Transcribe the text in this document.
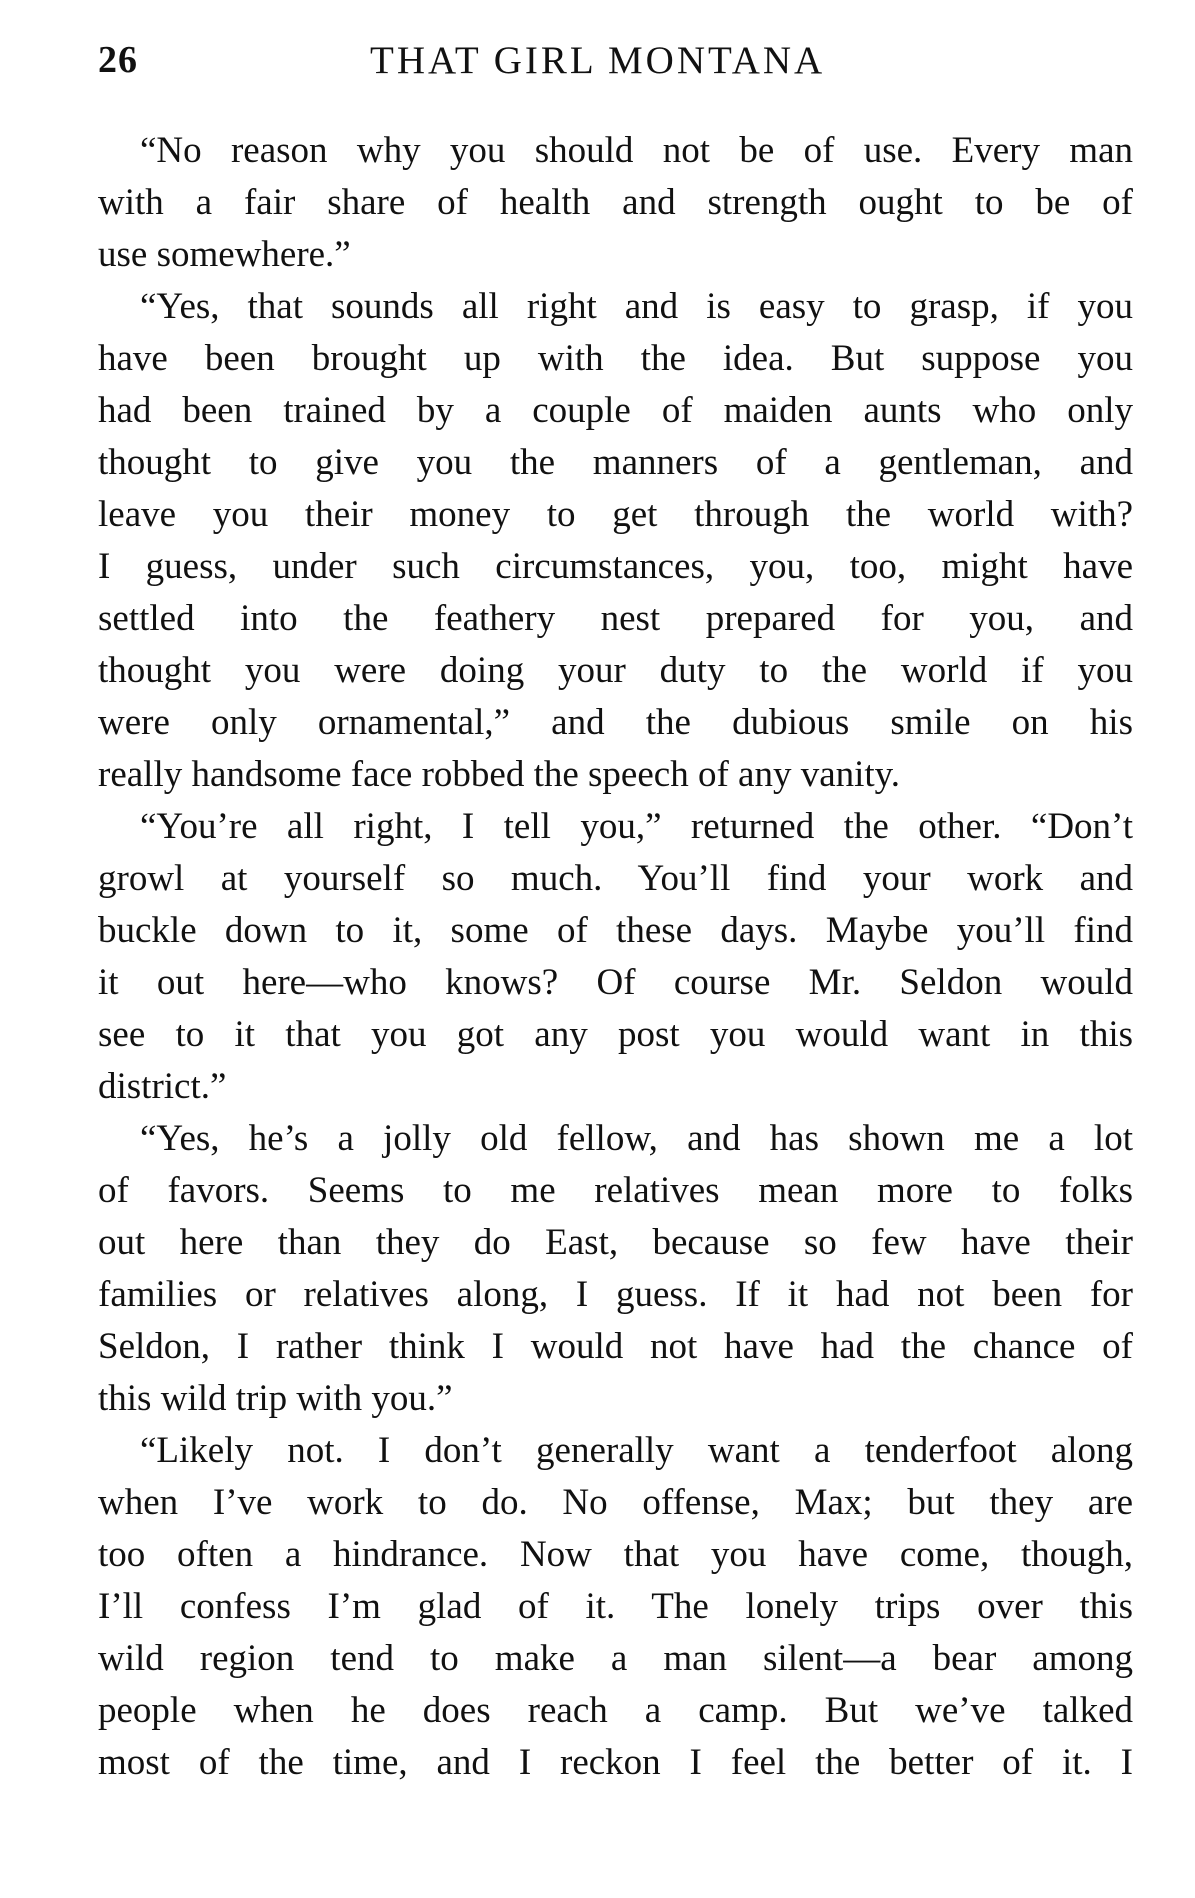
26	THAT GIRL MONTANA
“No reason why you should not be of use. Every man
with a fair share of health and strength ought to be of
use somewhere.”
“Yes, that sounds all right and is easy to grasp, if you
have been brought up with the idea. But suppose you
had been trained by a couple of maiden aunts who only
thought to give you the manners of a gentleman, and
leave you their money to get through the world with?
I guess, under such circumstances, you, too, might have
settled into the feathery nest prepared for you, and
thought you were doing your duty to the world if you
were only ornamental,” and the dubious smile on his
really handsome face robbed the speech of any vanity.
“You’re all right, I tell you,” returned the other. “Don’t
growl at yourself so much. You’ll find your work and
buckle down to it, some of these days. Maybe you’ll find
it out here—who knows? Of course Mr. Seldon would
see to it that you got any post you would want in this
district.”
“Yes, he’s a jolly old fellow, and has shown me a lot
of favors. Seems to me relatives mean more to folks
out here than they do East, because so few have their
families or relatives along, I guess. If it had not been for
Seldon, I rather think I would not have had the chance of
this wild trip with you.”
“Likely not. I don’t generally want a tenderfoot along
when I’ve work to do. No offense, Max; but they are
too often a hindrance. Now that you have come, though,
I’ll confess I’m glad of it. The lonely trips over this
wild region tend to make a man silent—a bear among
people when he does reach a camp. But we’ve talked
most of the time, and I reckon I feel the better of it. I
